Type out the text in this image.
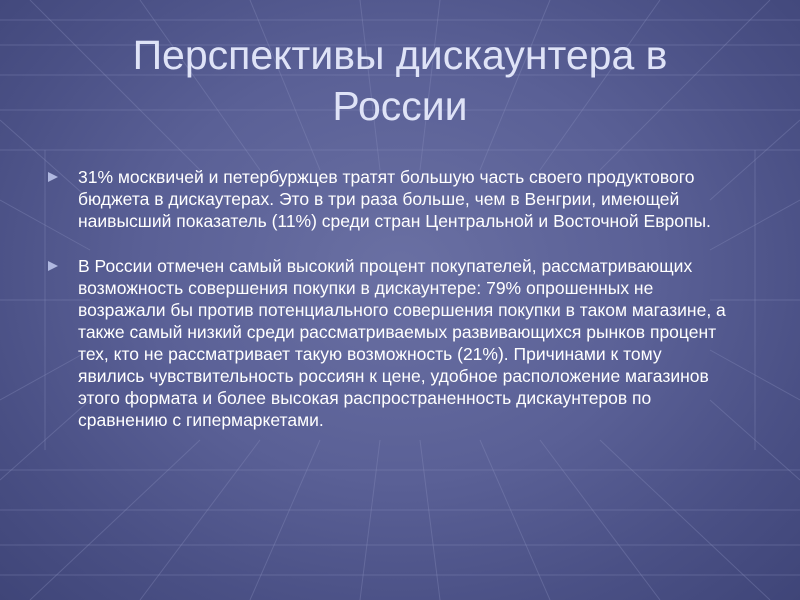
Перспективы дискаунтера в России
31% москвичей и петербуржцев тратят большую часть своего продуктового бюджета в дискаутерах. Это в три раза больше, чем в Венгрии, имеющей наивысший показатель (11%) среди стран Центральной и Восточной Европы.
В России отмечен самый высокий процент покупателей, рассматривающих возможность совершения покупки в дискаунтере: 79% опрошенных не возражали бы против потенциального совершения покупки в таком магазине, а также самый низкий среди рассматриваемых развивающихся рынков процент тех, кто не рассматривает такую возможность (21%). Причинами к тому явились чувствительность россиян к цене, удобное расположение магазинов этого формата и более высокая распространенность дискаунтеров по сравнению с гипермаркетами.
